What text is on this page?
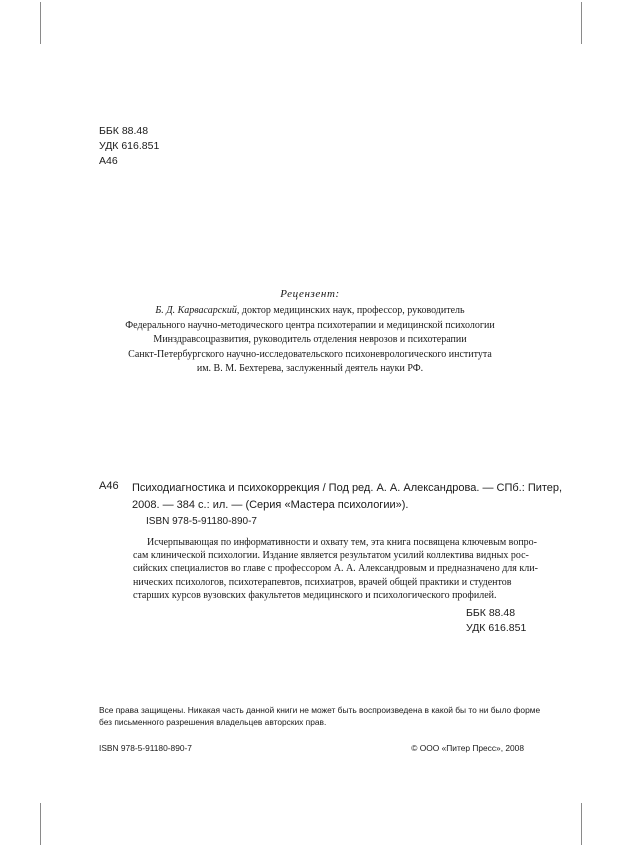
ББК 88.48
УДК 616.851
А46
Рецензент:
Б. Д. Карвасарский, доктор медицинских наук, профессор, руководитель
Федерального научно-методического центра психотерапии и медицинской психологии
Минздравсоцразвития, руководитель отделения неврозов и психотерапии
Санкт-Петербургского научно-исследовательского психоневрологического института
им. В. М. Бехтерева, заслуженный деятель науки РФ.
А46 Психодиагностика и психокоррекция / Под ред. А. А. Александрова. — СПб.: Питер,
2008. — 384 с.: ил. — (Серия «Мастера психологии»).
ISBN 978-5-91180-890-7
Исчерпывающая по информативности и охвату тем, эта книга посвящена ключевым вопро-
сам клинической психологии. Издание является результатом усилий коллектива видных рос-
сийских специалистов во главе с профессором А. А. Александровым и предназначено для кли-
нических психологов, психотерапевтов, психиатров, врачей общей практики и студентов
старших курсов вузовских факультетов медицинского и психологического профилей.
ББК 88.48
УДК 616.851
Все права защищены. Никакая часть данной книги не может быть воспроизведена в какой бы то ни было форме
без письменного разрешения владельцев авторских прав.
ISBN 978-5-91180-890-7	© ООО «Питер Пресс», 2008
